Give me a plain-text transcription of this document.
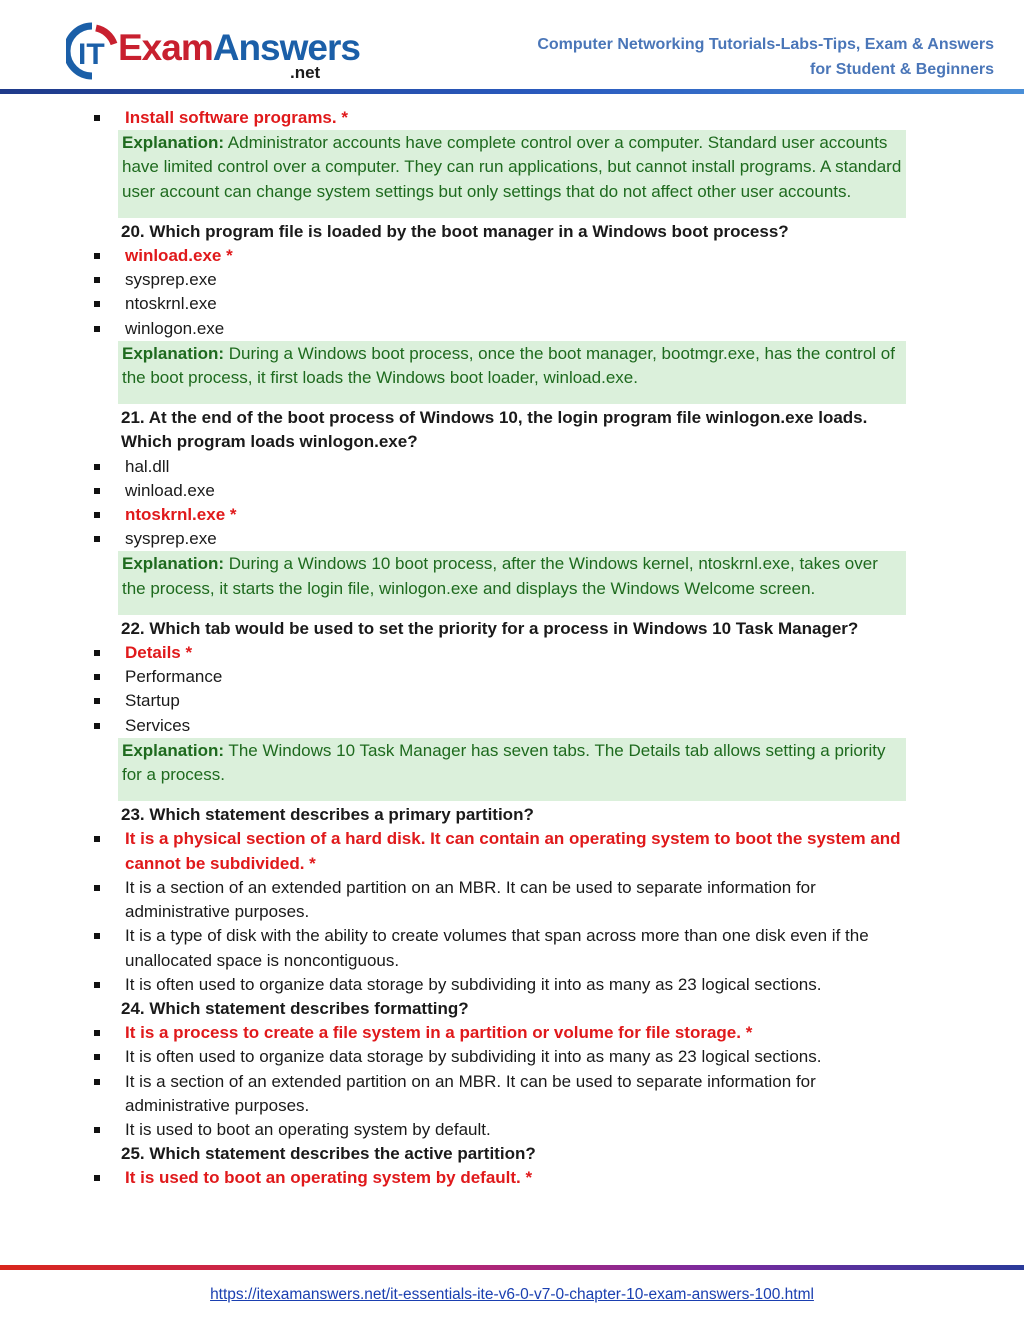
IT ExamAnswers
.net
Computer Networking Tutorials-Labs-Tips, Exam & Answers
for Student & Beginners
Install software programs. *
Explanation: Administrator accounts have complete control over a computer. Standard user accounts have limited control over a computer. They can run applications, but cannot install programs. A standard user account can change system settings but only settings that do not affect other user accounts.
20. Which program file is loaded by the boot manager in a Windows boot process?
winload.exe *
sysprep.exe
ntoskrnl.exe
winlogon.exe
Explanation: During a Windows boot process, once the boot manager, bootmgr.exe, has the control of the boot process, it first loads the Windows boot loader, winload.exe.
21. At the end of the boot process of Windows 10, the login program file winlogon.exe loads. Which program loads winlogon.exe?
hal.dll
winload.exe
ntoskrnl.exe *
sysprep.exe
Explanation: During a Windows 10 boot process, after the Windows kernel, ntoskrnl.exe, takes over the process, it starts the login file, winlogon.exe and displays the Windows Welcome screen.
22. Which tab would be used to set the priority for a process in Windows 10 Task Manager?
Details *
Performance
Startup
Services
Explanation: The Windows 10 Task Manager has seven tabs. The Details tab allows setting a priority for a process.
23. Which statement describes a primary partition?
It is a physical section of a hard disk. It can contain an operating system to boot the system and cannot be subdivided. *
It is a section of an extended partition on an MBR. It can be used to separate information for administrative purposes.
It is a type of disk with the ability to create volumes that span across more than one disk even if the unallocated space is noncontiguous.
It is often used to organize data storage by subdividing it into as many as 23 logical sections.
24. Which statement describes formatting?
It is a process to create a file system in a partition or volume for file storage. *
It is often used to organize data storage by subdividing it into as many as 23 logical sections.
It is a section of an extended partition on an MBR. It can be used to separate information for administrative purposes.
It is used to boot an operating system by default.
25. Which statement describes the active partition?
It is used to boot an operating system by default. *
https://itexamanswers.net/it-essentials-ite-v6-0-v7-0-chapter-10-exam-answers-100.html
